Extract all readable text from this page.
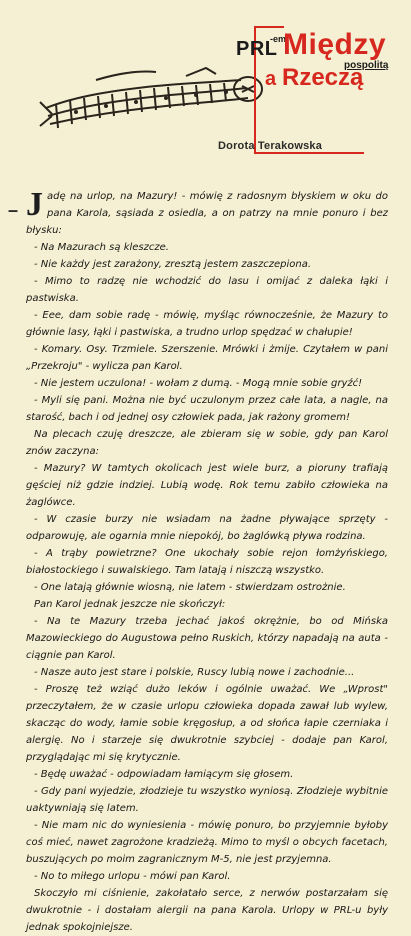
PRL
-em
Między
a Rzeczą
pospolitą
Dorota Terakowska
– Jadę na urlop, na Mazury! - mówię z radosnym błyskiem w oku do pana Karola, sąsiada z osiedla, a on patrzy na mnie ponuro i bez błysku:

- Na Mazurach są kleszcze.

- Nie każdy jest zarażony, zresztą jestem zaszczepiona.

- Mimo to radzę nie wchodzić do lasu i omijać z daleka łąki i pastwiska.

- Eee, dam sobie radę - mówię, myśląc równocześnie, że Mazury to głównie lasy, łąki i pastwiska, a trudno urlop spędzać w chałupie!

- Komary. Osy. Trzmiele. Szerszenie. Mrówki i żmije. Czytałem w pani „Przekroju" - wylicza pan Karol.

- Nie jestem uczulona! - wołam z dumą. - Mogą mnie sobie gryźć!

- Myli się pani. Można nie być uczulonym przez całe lata, a nagle, na starość, bach i od jednej osy człowiek pada, jak rażony gromem!

Na plecach czuję dreszcze, ale zbieram się w sobie, gdy pan Karol znów zaczyna:

- Mazury? W tamtych okolicach jest wiele burz, a pioruny trafiają gęściej niż gdzie indziej. Lubią wodę. Rok temu zabiło człowieka na żaglówce.

- W czasie burzy nie wsiadam na żadne pływające sprzęty - odparowuję, ale ogarnia mnie niepokój, bo żaglówką pływa rodzina.

- A trąby powietrzne? One ukochały sobie rejon łomżyńskiego, białostockiego i suwalskiego. Tam latają i niszczą wszystko.

- One latają głównie wiosną, nie latem - stwierdzam ostrożnie.

Pan Karol jednak jeszcze nie skończył:

- Na te Mazury trzeba jechać jakoś okrężnie, bo od Mińska Mazowieckiego do Augustowa pełno Ruskich, którzy napadają na auta - ciągnie pan Karol.

- Nasze auto jest stare i polskie, Ruscy lubią nowe i zachodnie...

- Proszę też wziąć dużo leków i ogólnie uważać. We „Wprost" przeczytałem, że w czasie urlopu człowieka dopada zawał lub wylew, skacząc do wody, łamie sobie kręgosłup, a od słońca łapie czerniaka i alergię. No i starzeje się dwukrotnie szybciej - dodaje pan Karol, przyglądając mi się krytycznie.

- Będę uważać - odpowiadam łamiącym się głosem.

- Gdy pani wyjedzie, złodzieje tu wszystko wyniosą. Złodzieje wybitnie uaktywniają się latem.

- Nie mam nic do wyniesienia - mówię ponuro, bo przyjemnie byłoby coś mieć, nawet zagrożone kradzieżą. Mimo to myśl o obcych facetach, buszujących po moim zagranicznym M-5, nie jest przyjemna.

- No to miłego urlopu - mówi pan Karol.

Skoczyło mi ciśnienie, zakołatało serce, z nerwów postarzałam się dwukrotnie - i dostałam alergii na pana Karola. Urlopy w PRL-u były jednak spokojniejsze.
